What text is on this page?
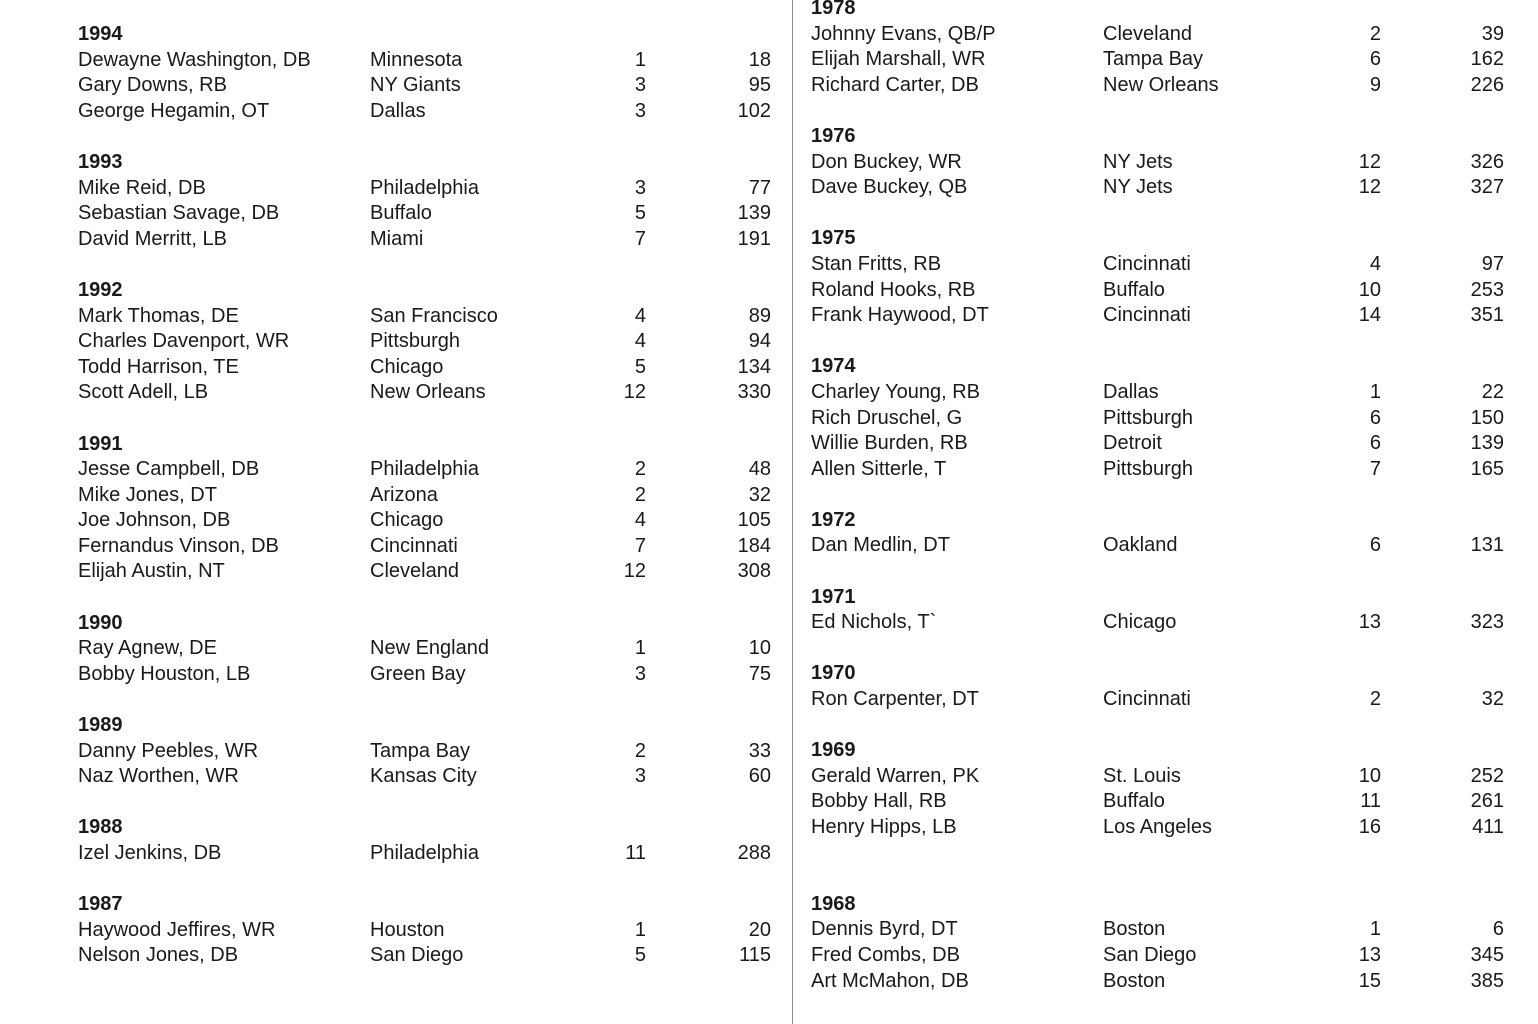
1994
Dewayne Washington, DB	Minnesota	1	18
Gary Downs, RB	NY Giants	3	95
George Hegamin, OT	Dallas	3	102
1993
Mike Reid, DB	Philadelphia	3	77
Sebastian Savage, DB	Buffalo	5	139
David Merritt, LB	Miami	7	191
1992
Mark Thomas, DE	San Francisco	4	89
Charles Davenport, WR	Pittsburgh	4	94
Todd Harrison, TE	Chicago	5	134
Scott Adell, LB	New Orleans	12	330
1991
Jesse Campbell, DB	Philadelphia	2	48
Mike Jones, DT	Arizona	2	32
Joe Johnson, DB	Chicago	4	105
Fernandus Vinson, DB	Cincinnati	7	184
Elijah Austin, NT	Cleveland	12	308
1990
Ray Agnew, DE	New England	1	10
Bobby Houston, LB	Green Bay	3	75
1989
Danny Peebles, WR	Tampa Bay	2	33
Naz Worthen, WR	Kansas City	3	60
1988
Izel Jenkins, DB	Philadelphia	11	288
1987
Haywood Jeffires, WR	Houston	1	20
Nelson Jones, DB	San Diego	5	115
1978
Johnny Evans, QB/P	Cleveland	2	39
Elijah Marshall, WR	Tampa Bay	6	162
Richard Carter, DB	New Orleans	9	226
1976
Don Buckey, WR	NY Jets	12	326
Dave Buckey, QB	NY Jets	12	327
1975
Stan Fritts, RB	Cincinnati	4	97
Roland Hooks, RB	Buffalo	10	253
Frank Haywood, DT	Cincinnati	14	351
1974
Charley Young, RB	Dallas	1	22
Rich Druschel, G	Pittsburgh	6	150
Willie Burden, RB	Detroit	6	139
Allen Sitterle, T	Pittsburgh	7	165
1972
Dan Medlin, DT	Oakland	6	131
1971
Ed Nichols, T`	Chicago	13	323
1970
Ron Carpenter, DT	Cincinnati	2	32
1969
Gerald Warren, PK	St. Louis	10	252
Bobby Hall, RB	Buffalo	11	261
Henry Hipps, LB	Los Angeles	16	411
1968
Dennis Byrd, DT	Boston	1	6
Fred Combs, DB	San Diego	13	345
Art McMahon, DB	Boston	15	385
